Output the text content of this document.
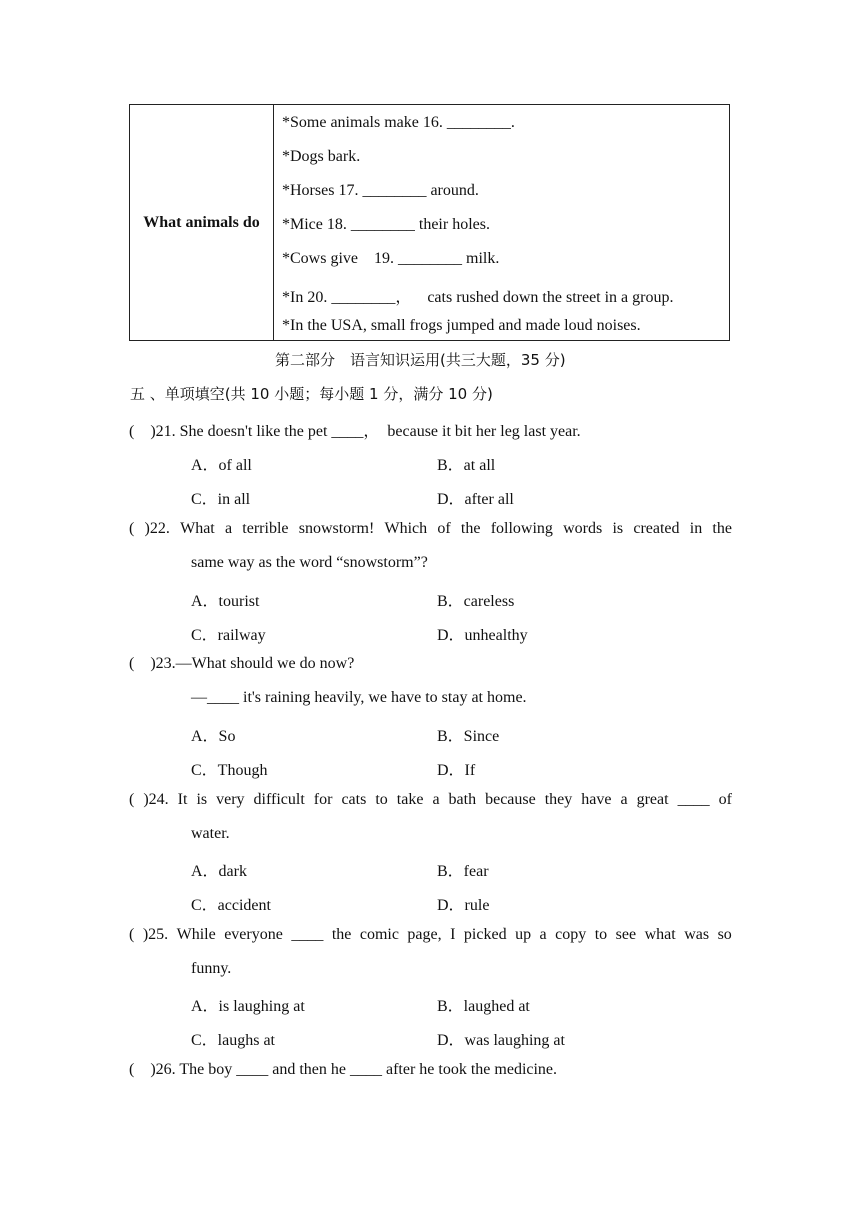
What animals do
*Some animals make 16. ________.
*Dogs bark.
*Horses 17. ________ around.
*Mice 18. ________ their holes.
*Cows give    19. ________ milk.
*In 20. ________，    cats rushed down the street in a group.
*In the USA, small frogs jumped and made loud noises.
第二部分　语言知识运用(共三大题，35 分)
五 、单项填空(共 10 小题；每小题 1 分，满分 10 分)
(    )21. She doesn't like the pet ____，  because it bit her leg last year.
A．of all	B．at all
C．in all	D．after all
( )22. What a terrible snowstorm! Which of the following words is created in the
same way as the word “snowstorm”?
A．tourist	B．careless
C．railway	D．unhealthy
(    )23.—What should we do now?
—____ it's raining heavily, we have to stay at home.
A．So	B．Since
C．Though	D．If
( )24. It is very difficult for cats to take a bath because they have a great ____ of
water.
A．dark	B．fear
C．accident	D．rule
( )25. While everyone ____ the comic page, I picked up a copy to see what was so
funny.
A．is laughing at	B．laughed at
C．laughs at	D．was laughing at
(    )26. The boy ____ and then he ____ after he took the medicine.
